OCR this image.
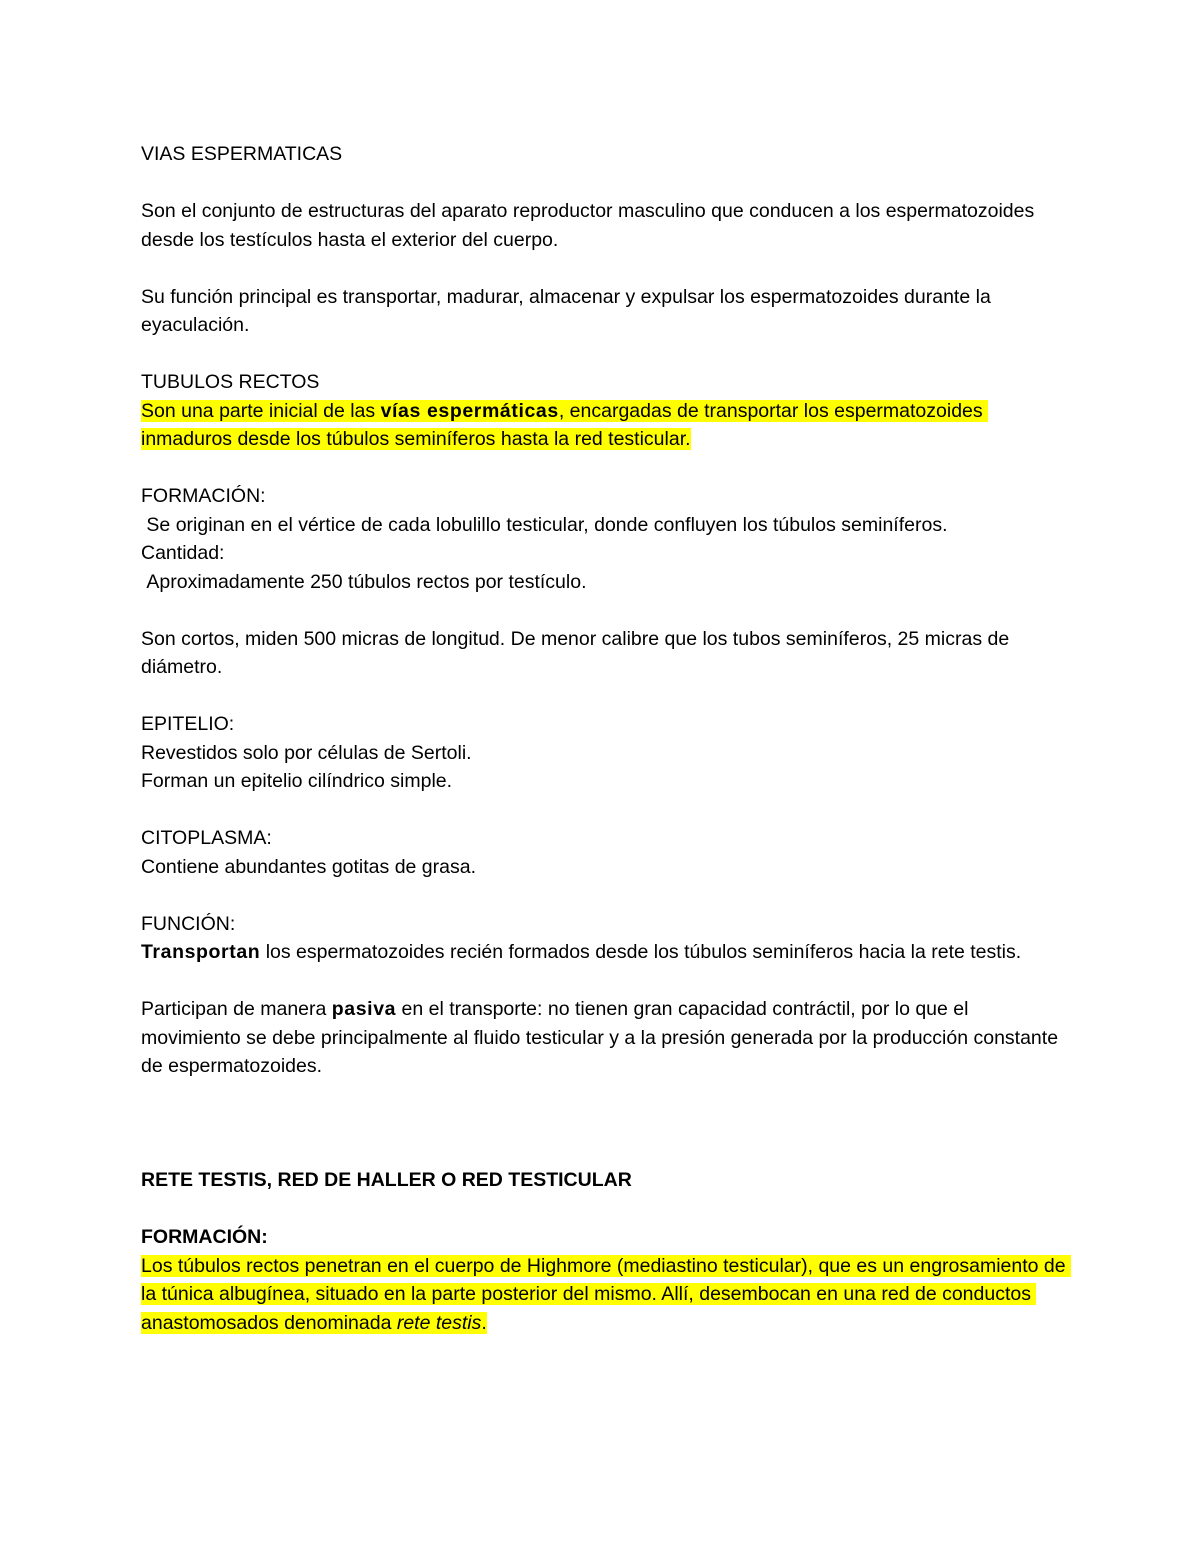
VIAS ESPERMATICAS

Son el conjunto de estructuras del aparato reproductor masculino que conducen a los espermatozoides desde los testículos hasta el exterior del cuerpo.

Su función principal es transportar, madurar, almacenar y expulsar los espermatozoides durante la eyaculación.

TUBULOS RECTOS

Son una parte inicial de las vías espermáticas, encargadas de transportar los espermatozoides inmaduros desde los túbulos seminíferos hasta la red testicular.

FORMACIÓN:

Se originan en el vértice de cada lobulillo testicular, donde confluyen los túbulos seminíferos.

Cantidad:

Aproximadamente 250 túbulos rectos por testículo.

Son cortos, miden 500 micras de longitud. De menor calibre que los tubos seminíferos, 25 micras de diámetro.

EPITELIO:

Revestidos solo por células de Sertoli.

Forman un epitelio cilíndrico simple.

CITOPLASMA:

Contiene abundantes gotitas de grasa.

FUNCIÓN:

Transportan los espermatozoides recién formados desde los túbulos seminíferos hacia la rete testis.

Participan de manera pasiva en el transporte: no tienen gran capacidad contráctil, por lo que el movimiento se debe principalmente al fluido testicular y a la presión generada por la producción constante de espermatozoides.

RETE TESTIS, RED DE HALLER O RED TESTICULAR

FORMACIÓN:

Los túbulos rectos penetran en el cuerpo de Highmore (mediastino testicular), que es un engrosamiento de la túnica albugínea, situado en la parte posterior del mismo. Allí, desembocan en una red de conductos anastomosados denominada rete testis.
